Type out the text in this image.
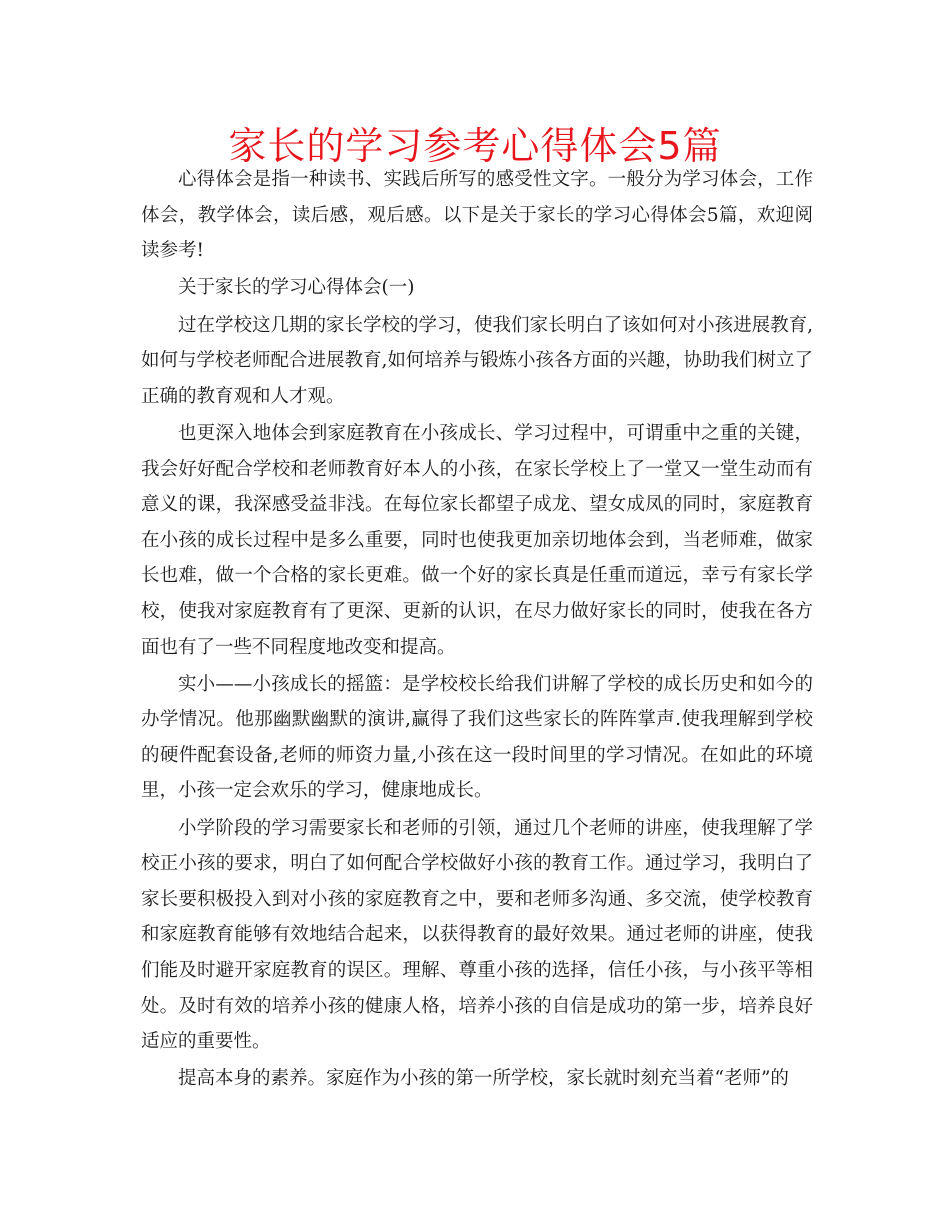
家长的学习参考心得体会5篇

心得体会是指一种读书、实践后所写的感受性文字。一般分为学习体会，工作体会，教学体会，读后感，观后感。以下是关于家长的学习心得体会5篇，欢迎阅读参考!

关于家长的学习心得体会(一)

过在学校这几期的家长学校的学习，使我们家长明白了该如何对小孩进展教育,如何与学校老师配合进展教育,如何培养与锻炼小孩各方面的兴趣，协助我们树立了正确的教育观和人才观。

也更深入地体会到家庭教育在小孩成长、学习过程中，可谓重中之重的关键，我会好好配合学校和老师教育好本人的小孩，在家长学校上了一堂又一堂生动而有意义的课，我深感受益非浅。在每位家长都望子成龙、望女成凤的同时，家庭教育在小孩的成长过程中是多么重要，同时也使我更加亲切地体会到，当老师难，做家长也难，做一个合格的家长更难。做一个好的家长真是任重而道远，幸亏有家长学校，使我对家庭教育有了更深、更新的认识，在尽力做好家长的同时，使我在各方面也有了一些不同程度地改变和提高。

实小——小孩成长的摇篮：是学校校长给我们讲解了学校的成长历史和如今的办学情况。他那幽默幽默的演讲,赢得了我们这些家长的阵阵掌声.使我理解到学校的硬件配套设备,老师的师资力量,小孩在这一段时间里的学习情况。在如此的环境里，小孩一定会欢乐的学习，健康地成长。

小学阶段的学习需要家长和老师的引领，通过几个老师的讲座，使我理解了学校正小孩的要求，明白了如何配合学校做好小孩的教育工作。通过学习，我明白了家长要积极投入到对小孩的家庭教育之中，要和老师多沟通、多交流，使学校教育和家庭教育能够有效地结合起来，以获得教育的最好效果。通过老师的讲座，使我们能及时避开家庭教育的误区。理解、尊重小孩的选择，信任小孩，与小孩平等相处。及时有效的培养小孩的健康人格，培养小孩的自信是成功的第一步，培养良好适应的重要性。

提高本身的素养。家庭作为小孩的第一所学校，家长就时刻充当着“老师”的
